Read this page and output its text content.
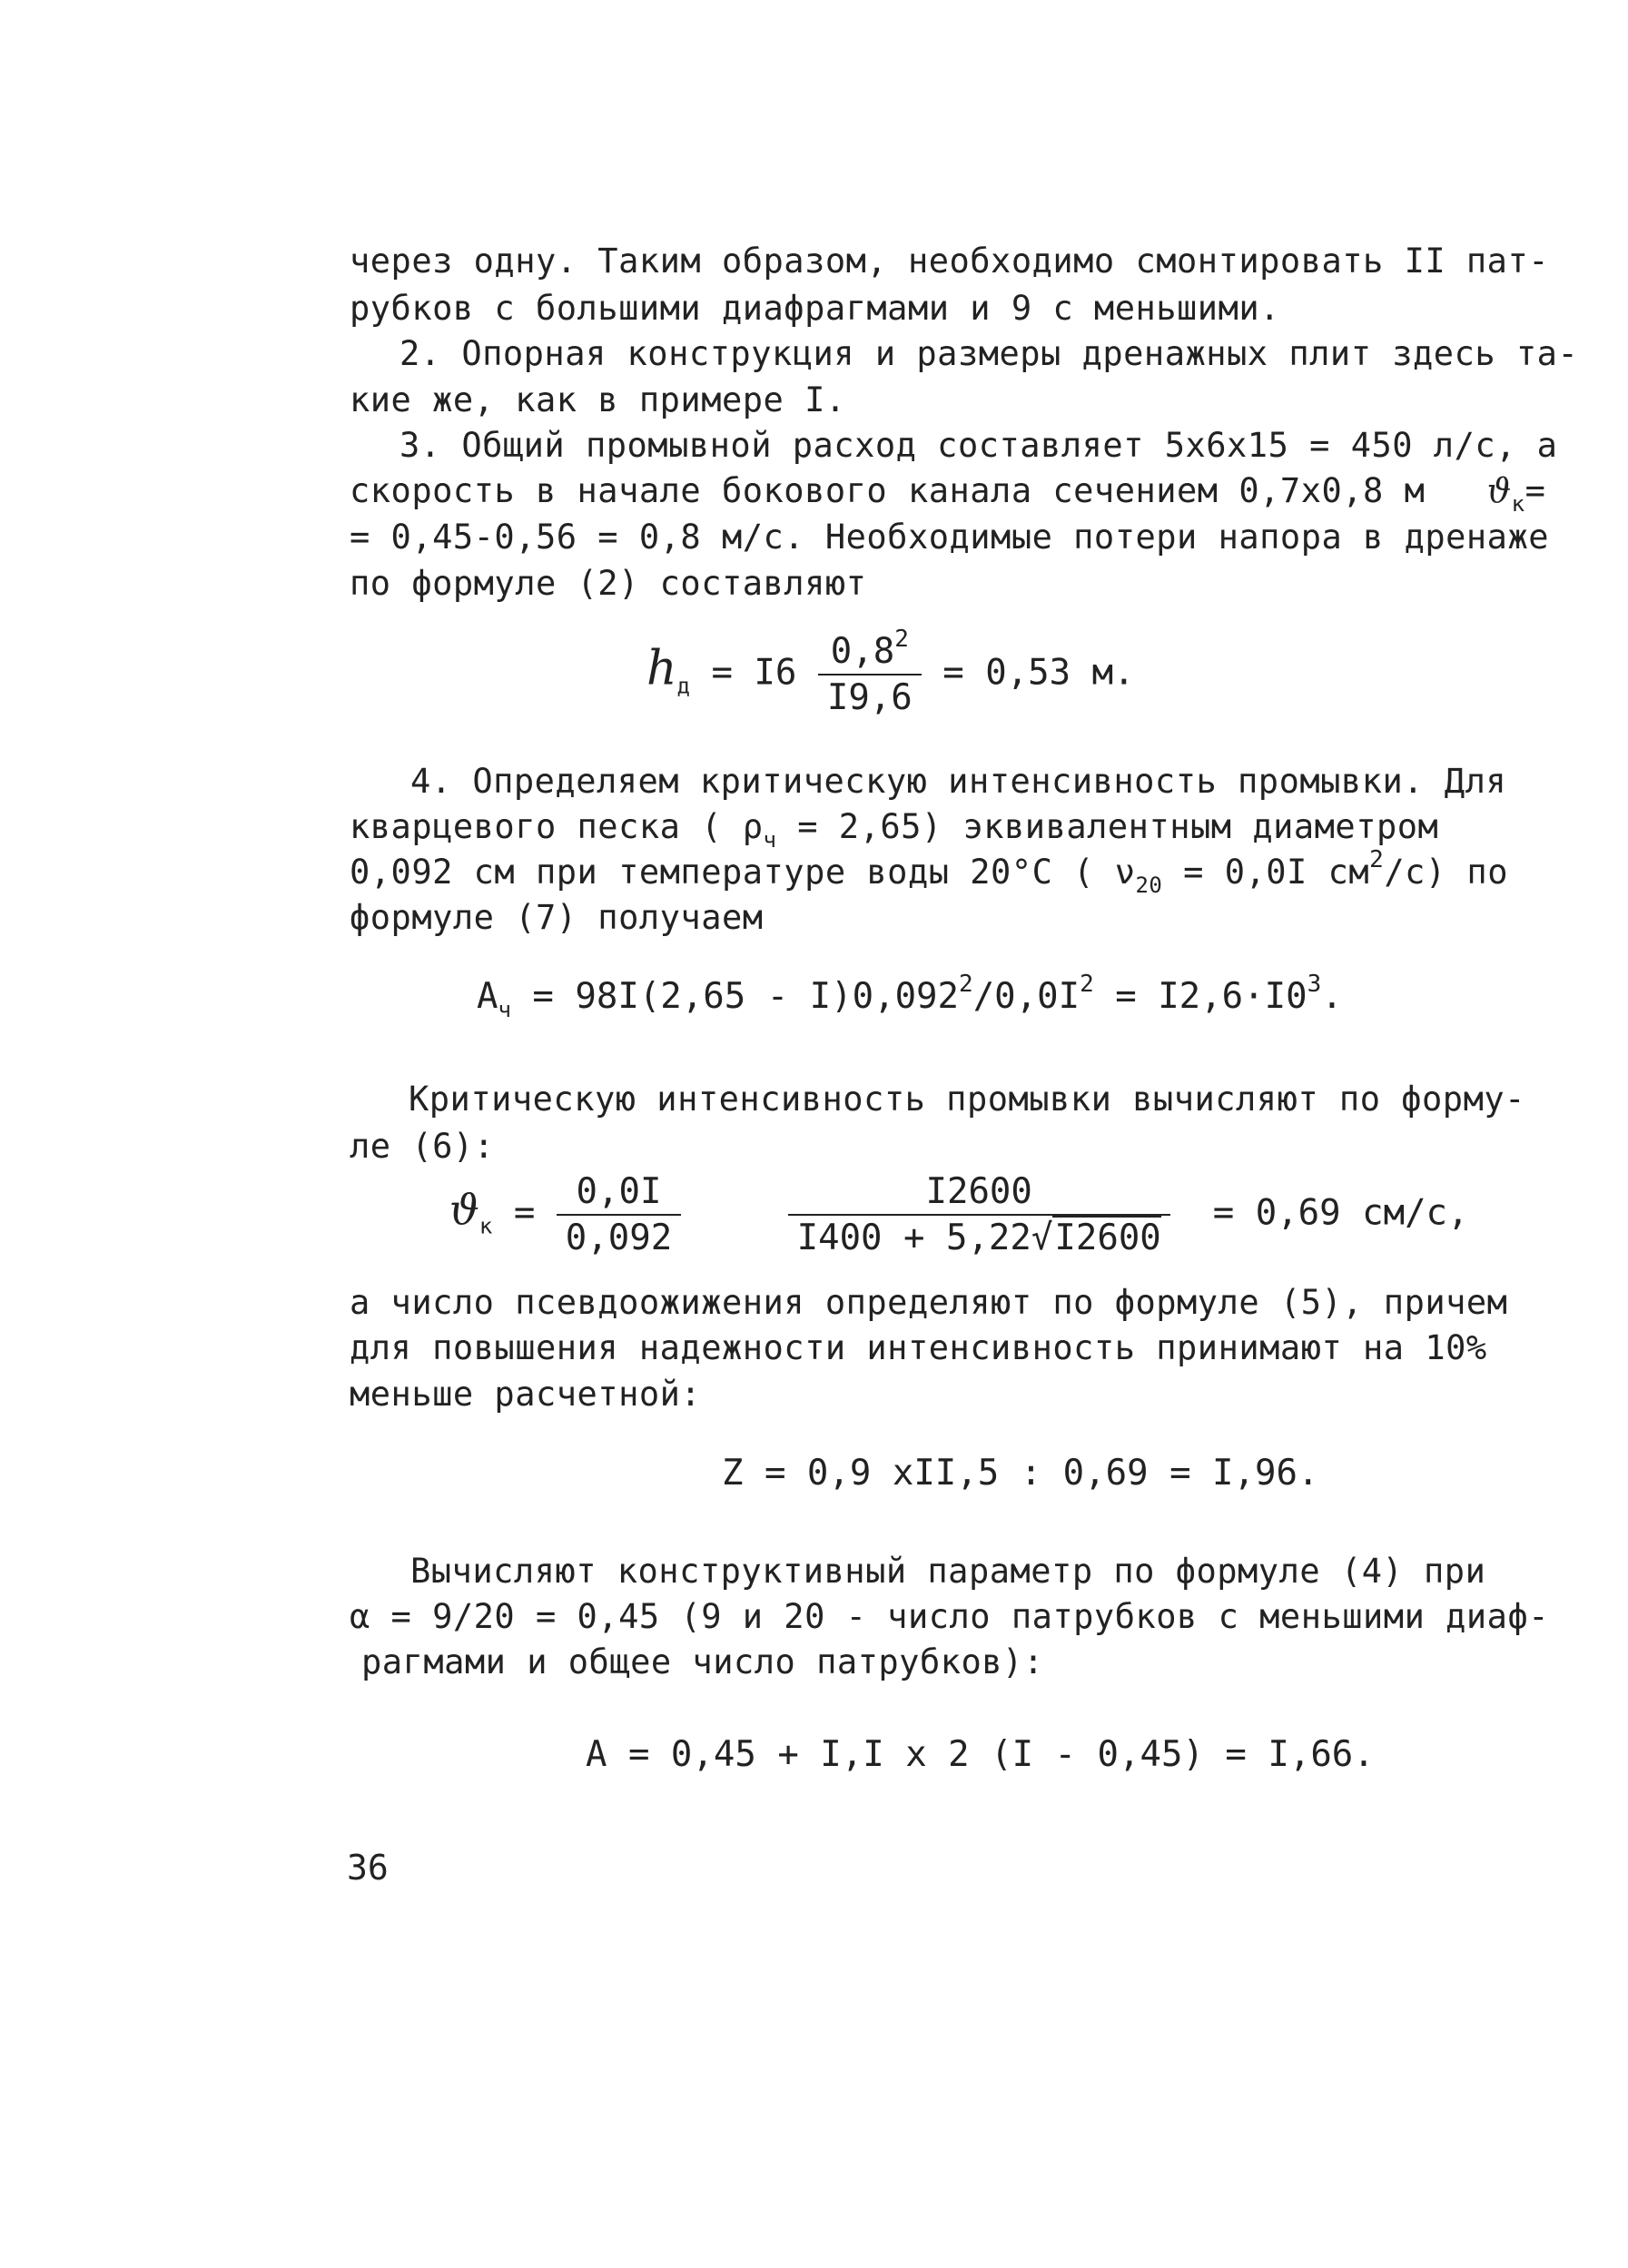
через одну. Таким образом, необходимо смонтировать II пат-
рубков с большими диафрагмами и 9 с меньшими.
2. Опорная конструкция и размеры дренажных плит здесь та-
кие же, как в примере I.
3. Общий промывной расход составляет 5х6х15 = 450 л/с, а
скорость в начале бокового канала сечением 0,7х0,8 м $ϑ_к=$
= 0,45-0,56 = 0,8 м/с. Необходимые потери напора в дренаже
по формуле (2) составляют
$h_д = I6 \frac{0,8^2}{I9,6} = 0,53$ м.
4. Определяем критическую интенсивность промывки. Для
кварцевого песка ( $\rho_ч = 2,65$) эквивалентным диаметром
0,092 см при температуре воды 20°С ( $\nu_{20} = 0,0I$ $см^2/с$) по
формуле (7) получаем
$A_ч = 98I(2,65 - I)0,092^2/0,0I^2 = I2,6\cdot I0^3$.
Критическую интенсивность промывки вычисляют по форму-
ле (6):
$ϑ_к = \frac{0,0I}{0,092}$
	$\frac{I2600}{I400 + 5,22√I2600} = 0,69$ см/с,
а число псевдоожижения определяют по формуле (5), причем
для повышения надежности интенсивность принимают на 10%
меньше расчетной:
Z = 0,9 хII,5 : 0,69 = I,96.
Вычисляют конструктивный параметр по формуле (4) при
α = 9/20 = 0,45 (9 и 20 - число патрубков с меньшими диаф-
рагмами и общее число патрубков):
A = 0,45 + I,I х 2 (I - 0,45) = I,66.
36
